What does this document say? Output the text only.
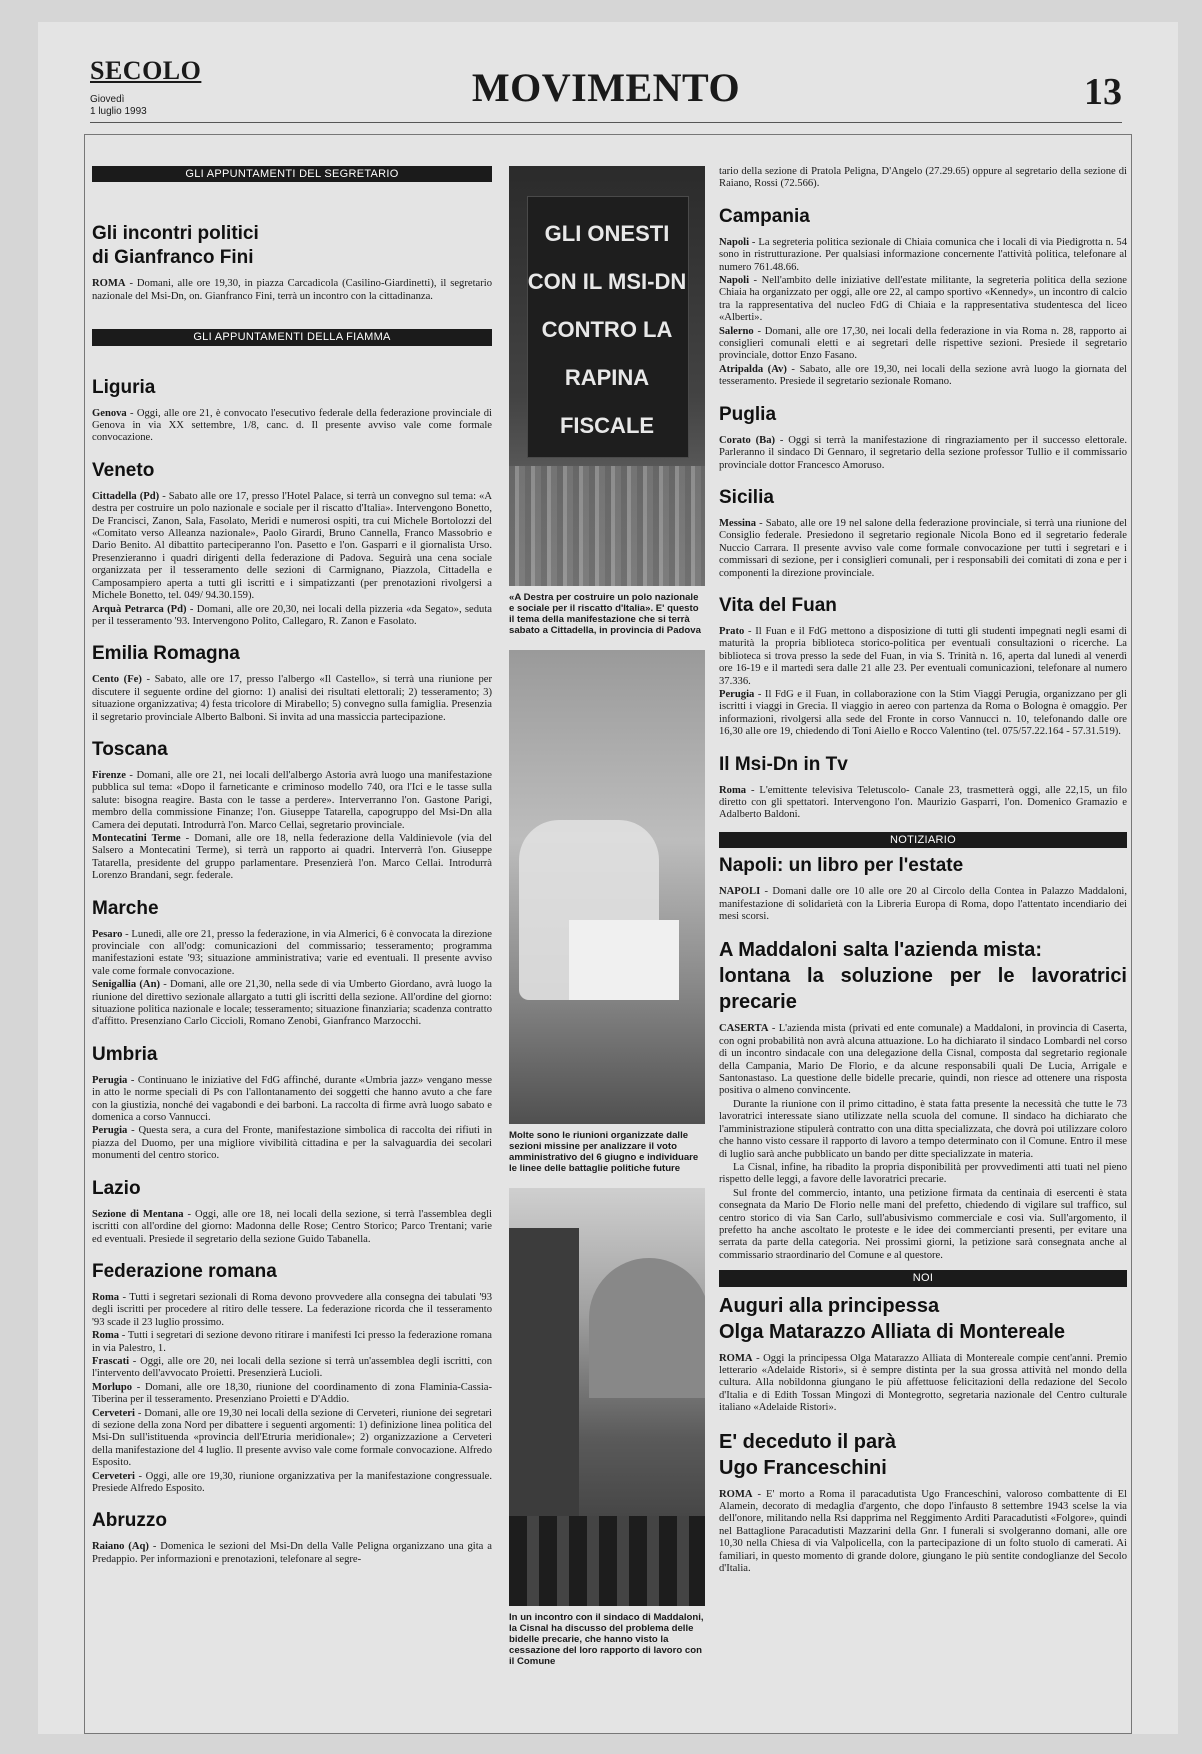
SECOLO
Giovedì
1 luglio 1993
MOVIMENTO	13
GLI APPUNTAMENTI DEL SEGRETARIO
Gli incontri politici
di Gianfranco Fini

ROMA - Domani, alle ore 19,30, in piazza Carcadicola (Casilino-Giardinetti), il segretario nazionale del Msi-Dn, on. Gianfranco Fini, terrà un incontro con la cittadinanza.

GLI APPUNTAMENTI DELLA FIAMMA
Liguria

Genova - Oggi, alle ore 21, è convocato l'esecutivo federale della federazione provinciale di Genova in via XX settembre, 1/8, canc. d. Il presente avviso vale come formale convocazione.

Veneto

Cittadella (Pd) - Sabato alle ore 17, presso l'Hotel Palace, si terrà un convegno sul tema: «A destra per costruire un polo nazionale e sociale per il riscatto d'Italia». Intervengono Bonetto, De Francisci, Zanon, Sala, Fasolato, Meridi e numerosi ospiti, tra cui Michele Bortolozzi del «Comitato verso Alleanza nazionale», Paolo Girardi, Bruno Cannella, Franco Massobrio e Dario Benito. Al dibattito parteciperanno l'on. Pasetto e l'on. Gasparri e il giornalista Urso. Presenzieranno i quadri dirigenti della federazione di Padova. Seguirà una cena sociale organizzata per il tesseramento delle sezioni di Carmignano, Piazzola, Cittadella e Camposampiero aperta a tutti gli iscritti e i simpatizzanti (per prenotazioni rivolgersi a Michele Bonetto, tel. 049/ 94.30.159).

Arquà Petrarca (Pd) - Domani, alle ore 20,30, nei locali della pizzeria «da Segato», seduta per il tesseramento '93. Intervengono Polito, Callegaro, R. Zanon e Fasolato.

Emilia Romagna

Cento (Fe) - Sabato, alle ore 17, presso l'albergo «Il Castello», si terrà una riunione per discutere il seguente ordine del giorno: 1) analisi dei risultati elettorali; 2) tesseramento; 3) situazione organizzativa; 4) festa tricolore di Mirabello; 5) convegno sulla famiglia. Presenzia il segretario provinciale Alberto Balboni. Si invita ad una massiccia partecipazione.

Toscana

Firenze - Domani, alle ore 21, nei locali dell'albergo Astoria avrà luogo una manifestazione pubblica sul tema: «Dopo il farneticante e criminoso modello 740, ora l'Ici e le tasse sulla salute: bisogna reagire. Basta con le tasse a perdere». Interverranno l'on. Gastone Parigi, membro della commissione Finanze; l'on. Giuseppe Tatarella, capogruppo del Msi-Dn alla Camera dei deputati. Introdurrà l'on. Marco Cellai, segretario provinciale.

Montecatini Terme - Domani, alle ore 18, nella federazione della Valdinievole (via del Salsero a Montecatini Terme), si terrà un rapporto ai quadri. Interverrà l'on. Giuseppe Tatarella, presidente del gruppo parlamentare. Presenzierà l'on. Marco Cellai. Introdurrà Lorenzo Brandani, segr. federale.

Marche

Pesaro - Lunedì, alle ore 21, presso la federazione, in via Almerici, 6 è convocata la direzione provinciale con all'odg: comunicazioni del commissario; tesseramento; programma manifestazioni estate '93; situazione amministrativa; varie ed eventuali. Il presente avviso vale come formale convocazione.

Senigallia (An) - Domani, alle ore 21,30, nella sede di via Umberto Giordano, avrà luogo la riunione del direttivo sezionale allargato a tutti gli iscritti della sezione. All'ordine del giorno: situazione politica nazionale e locale; tesseramento; situazione finanziaria; scadenza contratto d'affitto. Presenziano Carlo Ciccioli, Romano Zenobi, Gianfranco Marzocchi.

Umbria

Perugia - Continuano le iniziative del FdG affinché, durante «Umbria jazz» vengano messe in atto le norme speciali di Ps con l'allontanamento dei soggetti che hanno avuto a che fare con la giustizia, nonché dei vagabondi e dei barboni. La raccolta di firme avrà luogo sabato e domenica a corso Vannucci.

Perugia - Questa sera, a cura del Fronte, manifestazione simbolica di raccolta dei rifiuti in piazza del Duomo, per una migliore vivibilità cittadina e per la salvaguardia dei secolari monumenti del centro storico.

Lazio

Sezione di Mentana - Oggi, alle ore 18, nei locali della sezione, si terrà l'assemblea degli iscritti con all'ordine del giorno: Madonna delle Rose; Centro Storico; Parco Trentani; varie ed eventuali. Presiede il segretario della sezione Guido Tabanella.

Federazione romana

Roma - Tutti i segretari sezionali di Roma devono provvedere alla consegna dei tabulati '93 degli iscritti per procedere al ritiro delle tessere. La federazione ricorda che il tesseramento '93 scade il 23 luglio prossimo.

Roma - Tutti i segretari di sezione devono ritirare i manifesti Ici presso la federazione romana in via Palestro, 1.

Frascati - Oggi, alle ore 20, nei locali della sezione si terrà un'assemblea degli iscritti, con l'intervento dell'avvocato Proietti. Presenzierà Luciolì.

Morlupo - Domani, alle ore 18,30, riunione del coordinamento di zona Flaminia-Cassia-Tiberina per il tesseramento. Presenziano Proietti e D'Addio.

Cerveteri - Domani, alle ore 19,30 nei locali della sezione di Cerveteri, riunione dei segretari di sezione della zona Nord per dibattere i seguenti argomenti: 1) definizione linea politica del Msi-Dn sull'istituenda «provincia dell'Etruria meridionale»; 2) organizzazione a Cerveteri della manifestazione del 4 luglio. Il presente avviso vale come formale convocazione. Alfredo Esposito.

Cerveteri - Oggi, alle ore 19,30, riunione organizzativa per la manifestazione congressuale. Presiede Alfredo Esposito.

Abruzzo

Raiano (Aq) - Domenica le sezioni del Msi-Dn della Valle Peligna organizzano una gita a Predappio. Per informazioni e prenotazioni, telefonare al segre-

GLI ONESTI CON IL MSI-DN CONTRO LA RAPINA FISCALE
«A Destra per costruire un polo nazionale e sociale per il riscatto d'Italia». E' questo il tema della manifestazione che si terrà sabato a Cittadella, in provincia di Padova
Molte sono le riunioni organizzate dalle sezioni missine per analizzare il voto amministrativo del 6 giugno e individuare le linee delle battaglie politiche future
In un incontro con il sindaco di Maddaloni, la Cisnal ha discusso del problema delle bidelle precarie, che hanno visto la cessazione del loro rapporto di lavoro con il Comune

tario della sezione di Pratola Peligna, D'Angelo (27.29.65) oppure al segretario della sezione di Raiano, Rossi (72.566).

Campania

Napoli - La segreteria politica sezionale di Chiaia comunica che i locali di via Piedigrotta n. 54 sono in ristrutturazione. Per qualsiasi informazione concernente l'attività politica, telefonare al numero 761.48.66.

Napoli - Nell'ambito delle iniziative dell'estate militante, la segreteria politica della sezione Chiaia ha organizzato per oggi, alle ore 22, al campo sportivo «Kennedy», un incontro di calcio tra la rappresentativa del nucleo FdG di Chiaia e la rappresentativa studentesca del liceo «Alberti».

Salerno - Domani, alle ore 17,30, nei locali della federazione in via Roma n. 28, rapporto ai consiglieri comunali eletti e ai segretari delle rispettive sezioni. Presiede il segretario provinciale, dottor Enzo Fasano.

Atripalda (Av) - Sabato, alle ore 19,30, nei locali della sezione avrà luogo la giornata del tesseramento. Presiede il segretario sezionale Romano.

Puglia

Corato (Ba) - Oggi si terrà la manifestazione di ringraziamento per il successo elettorale. Parleranno il sindaco Di Gennaro, il segretario della sezione professor Tullio e il commissario provinciale dottor Francesco Amoruso.

Sicilia

Messina - Sabato, alle ore 19 nel salone della federazione provinciale, si terrà una riunione del Consiglio federale. Presiedono il segretario regionale Nicola Bono ed il segretario federale Nuccio Carrara. Il presente avviso vale come formale convocazione per tutti i segretari e i commissari di sezione, per i consiglieri comunali, per i responsabili dei comitati di zona e per i componenti la direzione provinciale.

Vita del Fuan

Prato - Il Fuan e il FdG mettono a disposizione di tutti gli studenti impegnati negli esami di maturità la propria biblioteca storico-politica per eventuali consultazioni o ricerche. La biblioteca si trova presso la sede del Fuan, in via S. Trinità n. 16, aperta dal lunedì al venerdì ore 16-19 e il martedì sera dalle 21 alle 23. Per eventuali comunicazioni, telefonare al numero 37.336.

Perugia - Il FdG e il Fuan, in collaborazione con la Stim Viaggi Perugia, organizzano per gli iscritti i viaggi in Grecia. Il viaggio in aereo con partenza da Roma o Bologna è omaggio. Per informazioni, rivolgersi alla sede del Fronte in corso Vannucci n. 10, telefonando dalle ore 16,30 alle ore 19, chiedendo di Toni Aiello e Rocco Valentino (tel. 075/57.22.164 - 57.31.519).

Il Msi-Dn in Tv

Roma - L'emittente televisiva Teletuscolo- Canale 23, trasmetterà oggi, alle 22,15, un filo diretto con gli spettatori. Intervengono l'on. Maurizio Gasparri, l'on. Domenico Gramazio e Adalberto Baldoni.

NOTIZIARIO
Napoli: un libro per l'estate

NAPOLI - Domani dalle ore 10 alle ore 20 al Circolo della Contea in Palazzo Maddaloni, manifestazione di solidarietà con la Libreria Europa di Roma, dopo l'attentato incendiario dei mesi scorsi.

A Maddaloni salta l'azienda mista:
lontana la soluzione per le lavoratrici precarie

CASERTA - L'azienda mista (privati ed ente comunale) a Maddaloni, in provincia di Caserta, con ogni probabilità non avrà alcuna attuazione. Lo ha dichiarato il sindaco Lombardi nel corso di un incontro sindacale con una delegazione della Cisnal, composta dal segretario regionale della Campania, Mario De Florio, e da alcune responsabili quali De Lucia, Arrigale e Santonastaso. La questione delle bidelle precarie, quindi, non riesce ad ottenere una risposta positiva o almeno convincente.

Durante la riunione con il primo cittadino, è stata fatta presente la necessità che tutte le 73 lavoratrici interessate siano utilizzate nella scuola del comune. Il sindaco ha dichiarato che l'amministrazione stipulerà contratto con una ditta specializzata, che dovrà poi utilizzare coloro che hanno visto cessare il rapporto di lavoro a tempo determinato con il Comune. Entro il mese di luglio sarà anche pubblicato un bando per ditte specializzate in materia.

La Cisnal, infine, ha ribadito la propria disponibilità per provvedimenti atti tuati nel pieno rispetto delle leggi, a favore delle lavoratrici precarie.

Sul fronte del commercio, intanto, una petizione firmata da centinaia di esercenti è stata consegnata da Mario De Florio nelle mani del prefetto, chiedendo di vigilare sul traffico, sul centro storico di via San Carlo, sull'abusivismo commerciale e così via. Sull'argomento, il prefetto ha anche ascoltato le proteste e le idee dei commercianti presenti, per evitare una serrata da parte della categoria. Nei prossimi giorni, la petizione sarà consegnata anche al commissario straordinario del Comune e al questore.

NOI
Auguri alla principessa
Olga Matarazzo Alliata di Montereale

ROMA - Oggi la principessa Olga Matarazzo Alliata di Montereale compie cent'anni. Premio letterario «Adelaide Ristori», si è sempre distinta per la sua grossa attività nel mondo della cultura. Alla nobildonna giungano le più affettuose felicitazioni della redazione del Secolo d'Italia e di Edith Tossan Mingozi di Montegrotto, segretaria nazionale del Centro culturale italiano «Adelaide Ristori».

E' deceduto il parà
Ugo Franceschini

ROMA - E' morto a Roma il paracadutista Ugo Franceschini, valoroso combattente di El Alamein, decorato di medaglia d'argento, che dopo l'infausto 8 settembre 1943 scelse la via dell'onore, militando nella Rsi dapprima nel Reggimento Arditi Paracadutisti «Folgore», quindi nel Battaglione Paracadutisti Mazzarini della Gnr. I funerali si svolgeranno domani, alle ore 10,30 nella Chiesa di via Valpolicella, con la partecipazione di un folto stuolo di camerati. Ai familiari, in questo momento di grande dolore, giungano le più sentite condoglianze del Secolo d'Italia.
